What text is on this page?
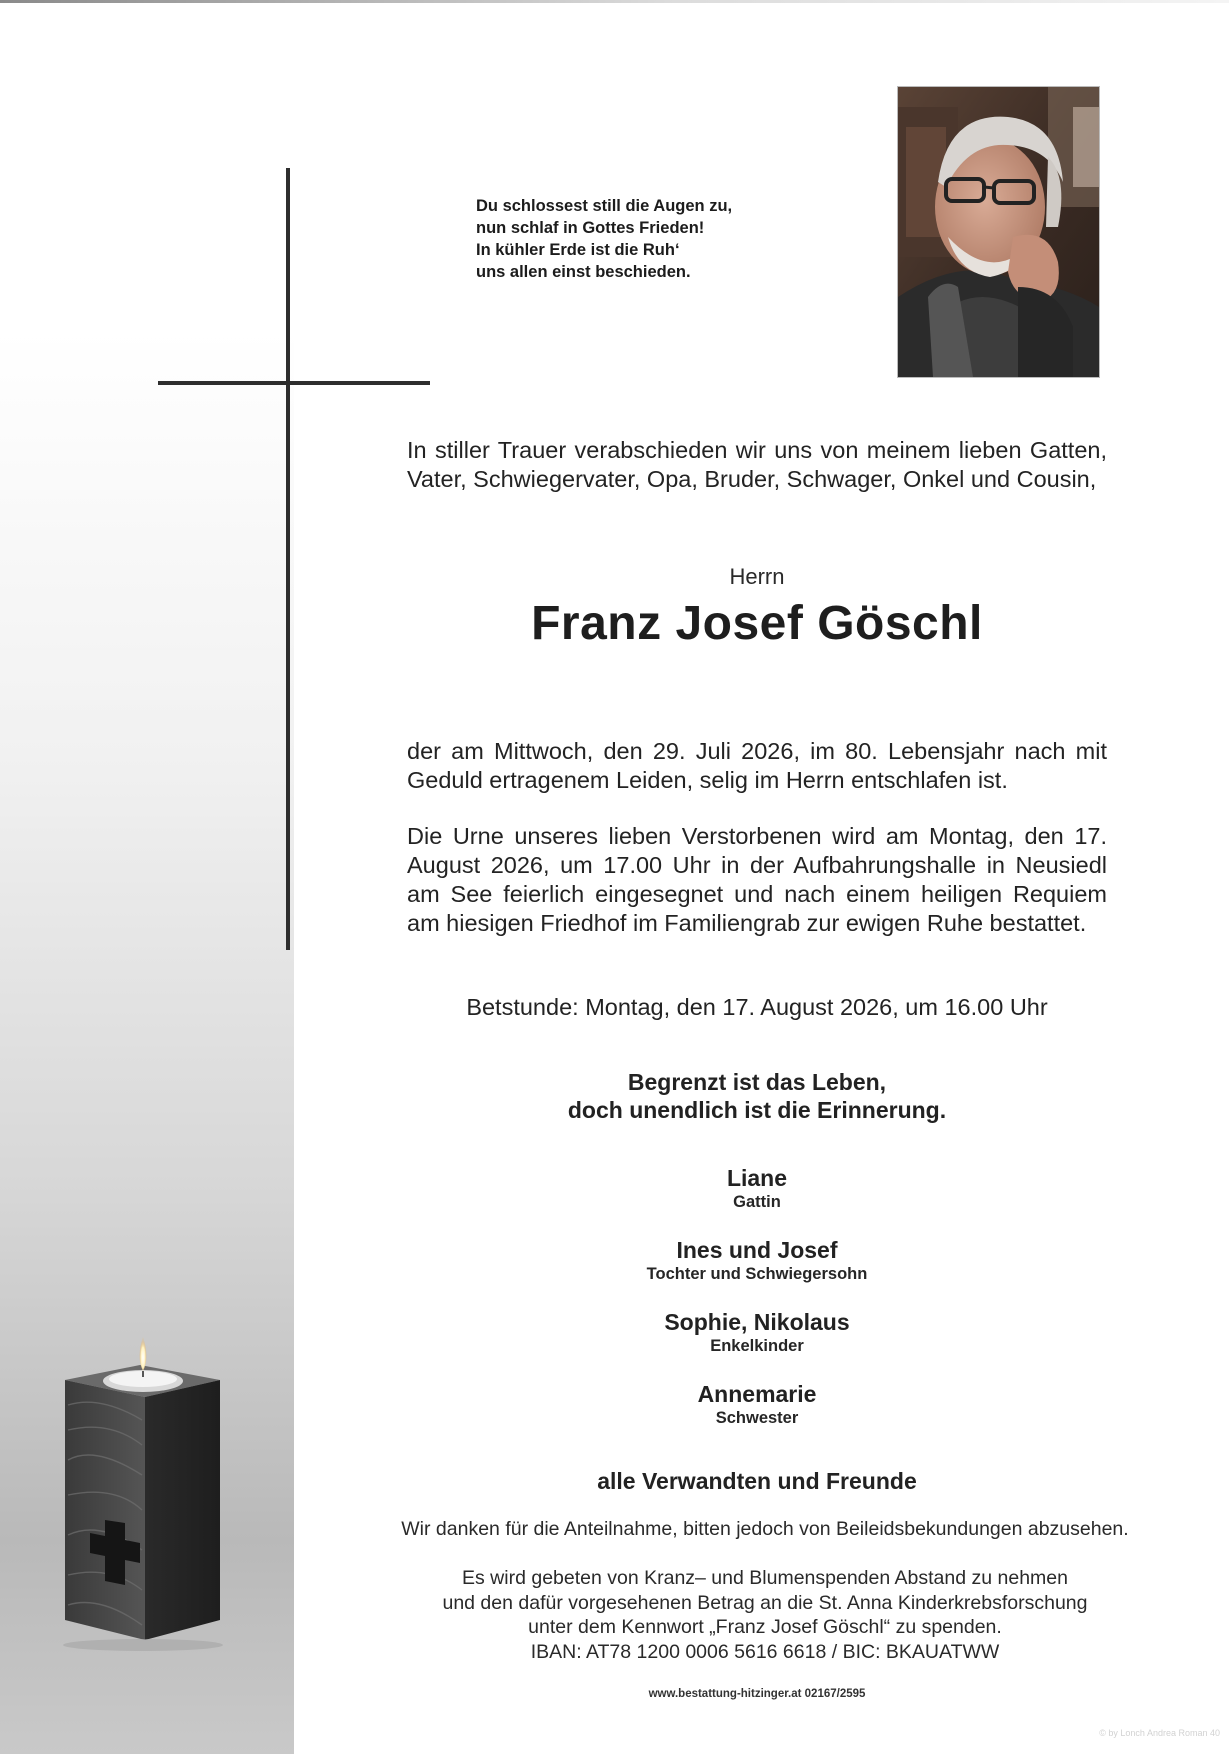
Du schlossest still die Augen zu,
nun schlaf in Gottes Frieden!
In kühler Erde ist die Ruh‘
uns allen einst beschieden.
In stiller Trauer verabschieden wir uns von meinem lieben Gatten, Vater, Schwiegervater, Opa, Bruder, Schwager, Onkel und Cousin,
Herrn
Franz Josef Göschl
der am Mittwoch, den 29. Juli 2026, im 80. Lebensjahr nach mit Geduld ertragenem Leiden, selig im Herrn entschlafen ist.
Die Urne unseres lieben Verstorbenen wird am Montag, den 17. August 2026, um 17.00 Uhr in der Aufbahrungshalle in Neusiedl am See feierlich eingesegnet und nach einem heiligen Requiem am hiesigen Friedhof im Familiengrab zur ewigen Ruhe bestattet.
Betstunde: Montag, den 17. August 2026, um 16.00 Uhr
Begrenzt ist das Leben,
doch unendlich ist die Erinnerung.
Liane
Gattin
Ines und Josef
Tochter und Schwiegersohn
Sophie, Nikolaus
Enkelkinder
Annemarie
Schwester
alle Verwandten und Freunde
Wir danken für die Anteilnahme, bitten jedoch von Beileidsbekundungen abzusehen.
Es wird gebeten von Kranz– und Blumenspenden Abstand zu nehmen
und den dafür vorgesehenen Betrag an die St. Anna Kinderkrebsforschung
unter dem Kennwort „Franz Josef Göschl“ zu spenden.
IBAN: AT78 1200 0006 5616 6618 / BIC: BKAUATWW
www.bestattung-hitzinger.at 02167/2595
© by Lonch Andrea Roman 40
